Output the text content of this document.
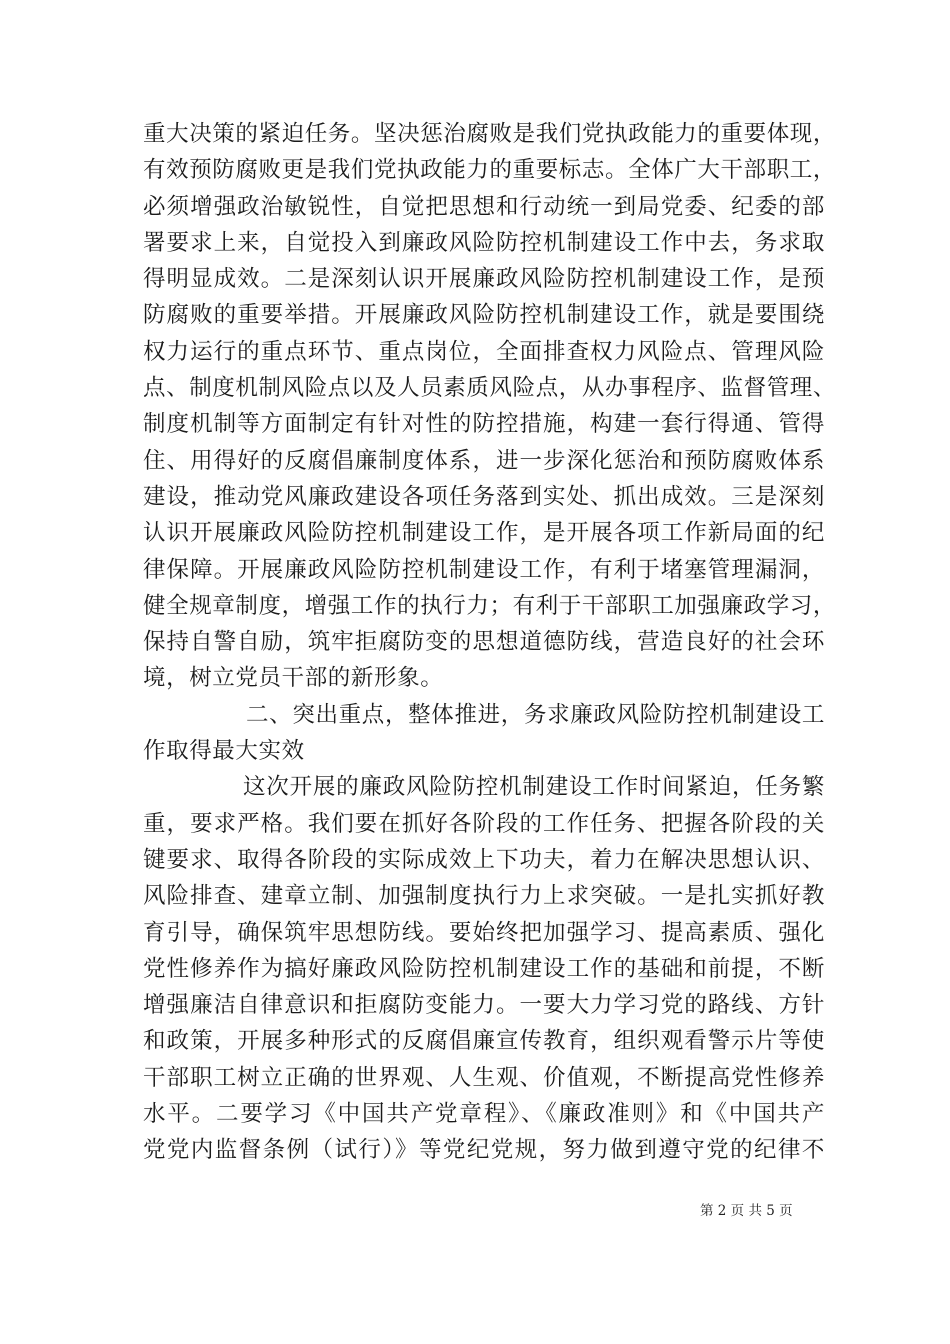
重大决策的紧迫任务。坚决惩治腐败是我们党执政能力的重要体现，
有效预防腐败更是我们党执政能力的重要标志。全体广大干部职工，
必须增强政治敏锐性，自觉把思想和行动统一到局党委、纪委的部
署要求上来，自觉投入到廉政风险防控机制建设工作中去，务求取
得明显成效。二是深刻认识开展廉政风险防控机制建设工作，是预
防腐败的重要举措。开展廉政风险防控机制建设工作，就是要围绕
权力运行的重点环节、重点岗位，全面排查权力风险点、管理风险
点、制度机制风险点以及人员素质风险点，从办事程序、监督管理、
制度机制等方面制定有针对性的防控措施，构建一套行得通、管得
住、用得好的反腐倡廉制度体系，进一步深化惩治和预防腐败体系
建设，推动党风廉政建设各项任务落到实处、抓出成效。三是深刻
认识开展廉政风险防控机制建设工作，是开展各项工作新局面的纪
律保障。开展廉政风险防控机制建设工作，有利于堵塞管理漏洞，
健全规章制度，增强工作的执行力；有利于干部职工加强廉政学习，
保持自警自励，筑牢拒腐防变的思想道德防线，营造良好的社会环
境，树立党员干部的新形象。
二、突出重点，整体推进，务求廉政风险防控机制建设工
作取得最大实效
这次开展的廉政风险防控机制建设工作时间紧迫，任务繁
重，要求严格。我们要在抓好各阶段的工作任务、把握各阶段的关
键要求、取得各阶段的实际成效上下功夫，着力在解决思想认识、
风险排查、建章立制、加强制度执行力上求突破。一是扎实抓好教
育引导，确保筑牢思想防线。要始终把加强学习、提高素质、强化
党性修养作为搞好廉政风险防控机制建设工作的基础和前提，不断
增强廉洁自律意识和拒腐防变能力。一要大力学习党的路线、方针
和政策，开展多种形式的反腐倡廉宣传教育，组织观看警示片等使
干部职工树立正确的世界观、人生观、价值观，不断提高党性修养
水平。二要学习《中国共产党章程》、《廉政准则》和《中国共产
党党内监督条例（试行）》等党纪党规，努力做到遵守党的纪律不
第 2 页 共 5 页
